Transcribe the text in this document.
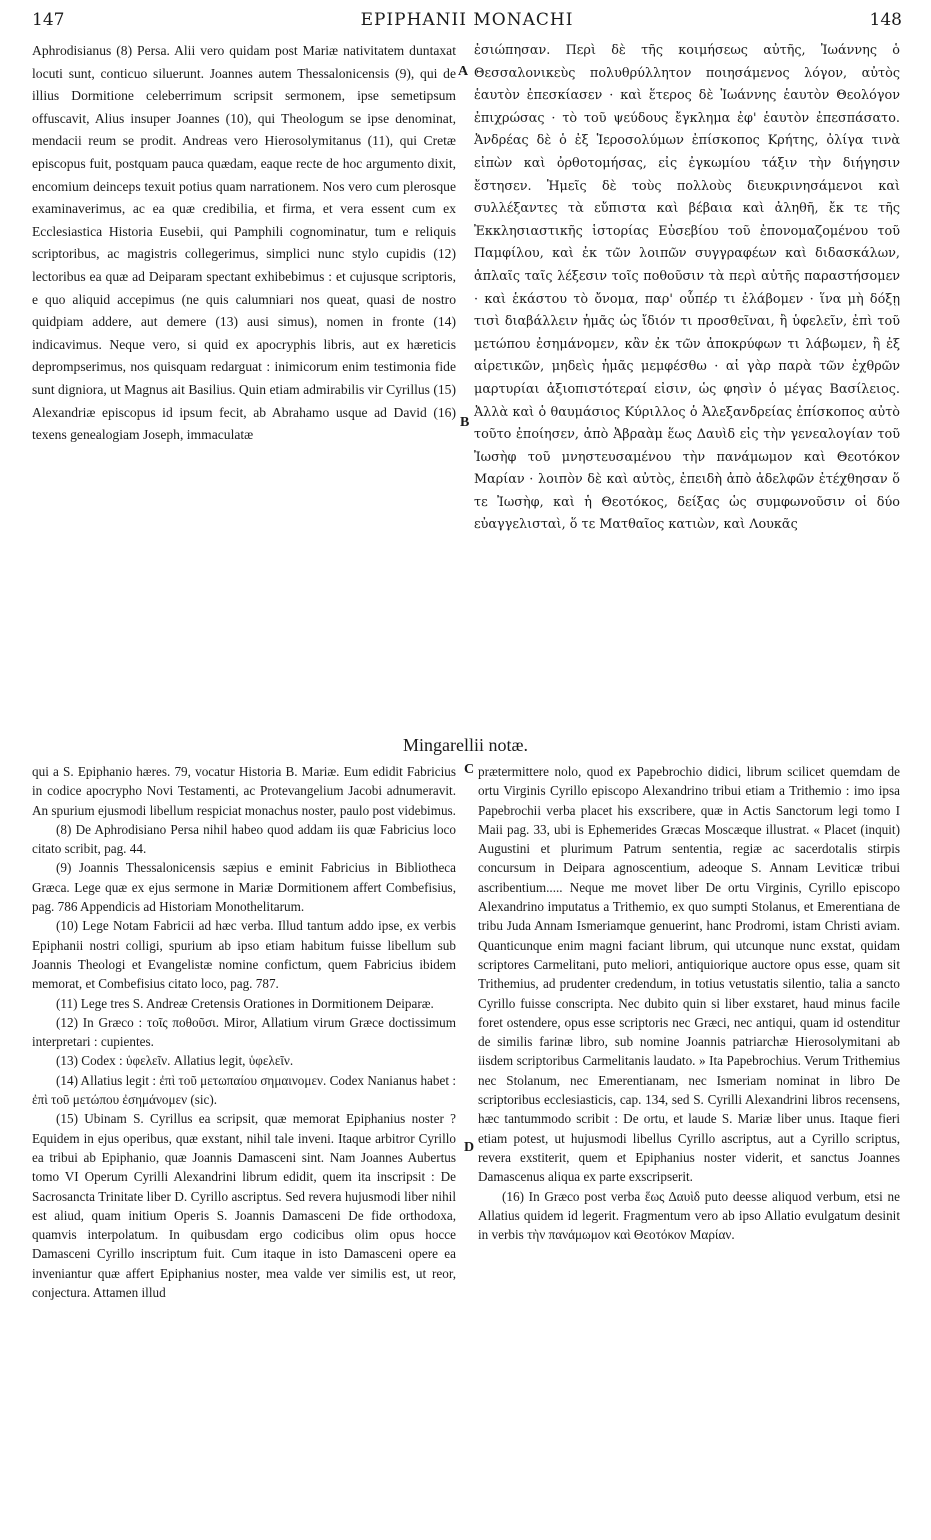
147	EPIPHANII MONACHI	148

Aphrodisianus (8) Persa. Alii vero quidam post Mariæ nativitatem duntaxat locuti sunt, conticuo siluerunt. Joannes autem Thessalonicensis (9), qui de illius Dormitione celeberrimum scripsit sermonem, ipse semetipsum offuscavit, Alius insuper Joannes (10), qui Theologum se ipse denominat, mendacii reum se prodit. Andreas vero Hierosolymitanus (11), qui Cretæ episcopus fuit, postquam pauca quædam, eaque recte de hoc argumento dixit, encomium deinceps texuit potius quam narrationem. Nos vero cum plerosque examinaverimus, ac ea quæ credibilia, et firma, et vera essent cum ex Ecclesiastica Historia Eusebii, qui Pamphili cognominatur, tum e reliquis scriptoribus, ac magistris collegerimus, simplici nunc stylo cupidis (12) lectoribus ea quæ ad Deiparam spectant exhibebimus : et cujusque scriptoris, e quo aliquid accepimus (ne quis calumniari nos queat, quasi de nostro quidpiam addere, aut demere (13) ausi simus), nomen in fronte (14) indicavimus. Neque vero, si quid ex apocryphis libris, aut ex hæreticis deprompserimus, nos quisquam redarguat : inimicorum enim testimonia fide sunt digniora, ut Magnus ait Basilius. Quin etiam admirabilis vir Cyrillus (15) Alexandriæ episcopus id ipsum fecit, ab Abrahamo usque ad David (16) texens genealogiam Joseph, immaculatæ

A
B

ἐσιώπησαν. Περὶ δὲ τῆς κοιμήσεως αὐτῆς, Ἰωάννης ὁ Θεσσαλονικεὺς πολυθρύλλητον ποιησάμενος λόγον, αὐτὸς ἑαυτὸν ἐπεσκίασεν · καὶ ἕτερος δὲ Ἰωάννης ἑαυτὸν Θεολόγον ἐπιχρώσας · τὸ τοῦ ψεύδους ἔγκλημα ἐφ' ἑαυτὸν ἐπεσπάσατο. Ἀνδρέας δὲ ὁ ἐξ Ἱεροσολύμων ἐπίσκοπος Κρήτης, ὀλίγα τινὰ εἰπὼν καὶ ὀρθοτομήσας, εἰς ἐγκωμίου τάξιν τὴν διήγησιν ἔστησεν. Ἡμεῖς δὲ τοὺς πολλοὺς διευκρινησάμενοι καὶ συλλέξαντες τὰ εὔπιστα καὶ βέβαια καὶ ἀληθῆ, ἔκ τε τῆς Ἐκκλησιαστικῆς ἱστορίας Εὐσεβίου τοῦ ἐπονομαζομένου τοῦ Παμφίλου, καὶ ἐκ τῶν λοιπῶν συγγραφέων καὶ διδασκάλων, ἁπλαῖς ταῖς λέξεσιν τοῖς ποθοῦσιν τὰ περὶ αὐτῆς παραστήσομεν · καὶ ἑκάστου τὸ ὄνομα, παρ' οὗπέρ τι ἐλάβομεν · ἵνα μὴ δόξῃ τισὶ διαβάλλειν ἡμᾶς ὡς ἴδιόν τι προσθεῖναι, ἢ ὑφελεῖν, ἐπὶ τοῦ μετώπου ἐσημάνομεν, κἂν ἐκ τῶν ἀποκρύφων τι λάβωμεν, ἢ ἐξ αἱρετικῶν, μηδεὶς ἡμᾶς μεμφέσθω · αἱ γὰρ παρὰ τῶν ἐχθρῶν μαρτυρίαι ἀξιοπιστότεραί εἰσιν, ὡς φησὶν ὁ μέγας Βασίλειος. Ἀλλὰ καὶ ὁ θαυμάσιος Κύριλλος ὁ Ἀλεξανδρείας ἐπίσκοπος αὐτὸ τοῦτο ἐποίησεν, ἀπὸ Ἀβραὰμ ἕως Δαυὶδ εἰς τὴν γενεαλογίαν τοῦ Ἰωσὴφ τοῦ μνηστευσαμένου τὴν πανάμωμον καὶ Θεοτόκον Μαρίαν · λοιπὸν δὲ καὶ αὐτὸς, ἐπειδὴ ἀπὸ ἀδελφῶν ἐτέχθησαν ὅ τε Ἰωσὴφ, καὶ ἡ Θεοτόκος, δείξας ὡς συμφωνοῦσιν οἱ δύο εὐαγγελισταὶ, ὅ τε Ματθαῖος κατιὼν, καὶ Λουκᾶς

Mingarellii notæ.
C
D

qui a S. Epiphanio hæres. 79, vocatur Historia B. Mariæ. Eum edidit Fabricius in codice apocrypho Novi Testamenti, ac Protevangelium Jacobi adnumeravit. An spurium ejusmodi libellum respiciat monachus noster, paulo post videbimus.

(8) De Aphrodisiano Persa nihil habeo quod addam iis quæ Fabricius loco citato scribit, pag. 44.

(9) Joannis Thessalonicensis sæpius e eminit Fabricius in Bibliotheca Græca. Lege quæ ex ejus sermone in Mariæ Dormitionem affert Combefisius, pag. 786 Appendicis ad Historiam Monothelitarum.

(10) Lege Notam Fabricii ad hæc verba. Illud tantum addo ipse, ex verbis Epiphanii nostri colligi, spurium ab ipso etiam habitum fuisse libellum sub Joannis Theologi et Evangelistæ nomine confictum, quem Fabricius ibidem memorat, et Combefisius citato loco, pag. 787.

(11) Lege tres S. Andreæ Cretensis Orationes in Dormitionem Deiparæ.

(12) In Græco : τοῖς ποθοῦσι. Miror, Allatium virum Græce doctissimum interpretari : cupientes.

(13) Codex : ὑφελεῖν. Allatius legit, ὑφελεῖν.

(14) Allatius legit : ἐπὶ τοῦ μετωπαίου σημαινομεν. Codex Nanianus habet : ἐπὶ τοῦ μετώπου ἐσημάνομεν (sic).

(15) Ubinam S. Cyrillus ea scripsit, quæ memorat Epiphanius noster ? Equidem in ejus operibus, quæ exstant, nihil tale inveni. Itaque arbitror Cyrillo ea tribui ab Epiphanio, quæ Joannis Damasceni sint. Nam Joannes Aubertus tomo VI Operum Cyrilli Alexandrini librum edidit, quem ita inscripsit : De Sacrosancta Trinitate liber D. Cyrillo ascriptus. Sed revera hujusmodi liber nihil est aliud, quam initium Operis S. Joannis Damasceni De fide orthodoxa, quamvis interpolatum. In quibusdam ergo codicibus olim opus hocce Damasceni Cyrillo inscriptum fuit. Cum itaque in isto Damasceni opere ea inveniantur quæ affert Epiphanius noster, mea valde ver similis est, ut reor, conjectura. Attamen illud

prætermittere nolo, quod ex Papebrochio didici, librum scilicet quemdam de ortu Virginis Cyrillo episcopo Alexandrino tribui etiam a Trithemio : imo ipsa Papebrochii verba placet his exscribere, quæ in Actis Sanctorum legi tomo I Maii pag. 33, ubi is Ephemerides Græcas Moscæque illustrat. « Placet (inquit) Augustini et plurimum Patrum sententia, regiæ ac sacerdotalis stirpis concursum in Deipara agnoscentium, adeoque S. Annam Leviticæ tribui ascribentium..... Neque me movet liber De ortu Virginis, Cyrillo episcopo Alexandrino imputatus a Trithemio, ex quo sumpti Stolanus, et Emerentiana de tribu Juda Annam Ismeriamque genuerint, hanc Prodromi, istam Christi aviam. Quanticunque enim magni faciant librum, qui utcunque nunc exstat, quidam scriptores Carmelitani, puto meliori, antiquiorique auctore opus esse, quam sit Trithemius, ad prudenter credendum, in totius vetustatis silentio, talia a sancto Cyrillo fuisse conscripta. Nec dubito quin si liber exstaret, haud minus facile foret ostendere, opus esse scriptoris nec Græci, nec antiqui, quam id ostenditur de similis farinæ libro, sub nomine Joannis patriarchæ Hierosolymitani ab iisdem scriptoribus Carmelitanis laudato. » Ita Papebrochius. Verum Trithemius nec Stolanum, nec Emerentianam, nec Ismeriam nominat in libro De scriptoribus ecclesiasticis, cap. 134, sed S. Cyrilli Alexandrini libros recensens, hæc tantummodo scribit : De ortu, et laude S. Mariæ liber unus. Itaque fieri etiam potest, ut hujusmodi libellus Cyrillo ascriptus, aut a Cyrillo scriptus, revera exstiterit, quem et Epiphanius noster viderit, et sanctus Joannes Damascenus aliqua ex parte exscripserit.

(16) In Græco post verba ἕως Δαυὶδ puto deesse aliquod verbum, etsi ne Allatius quidem id legerit. Fragmentum vero ab ipso Allatio evulgatum desinit in verbis τὴν πανάμωμον καὶ Θεοτόκον Μαρίαν.
